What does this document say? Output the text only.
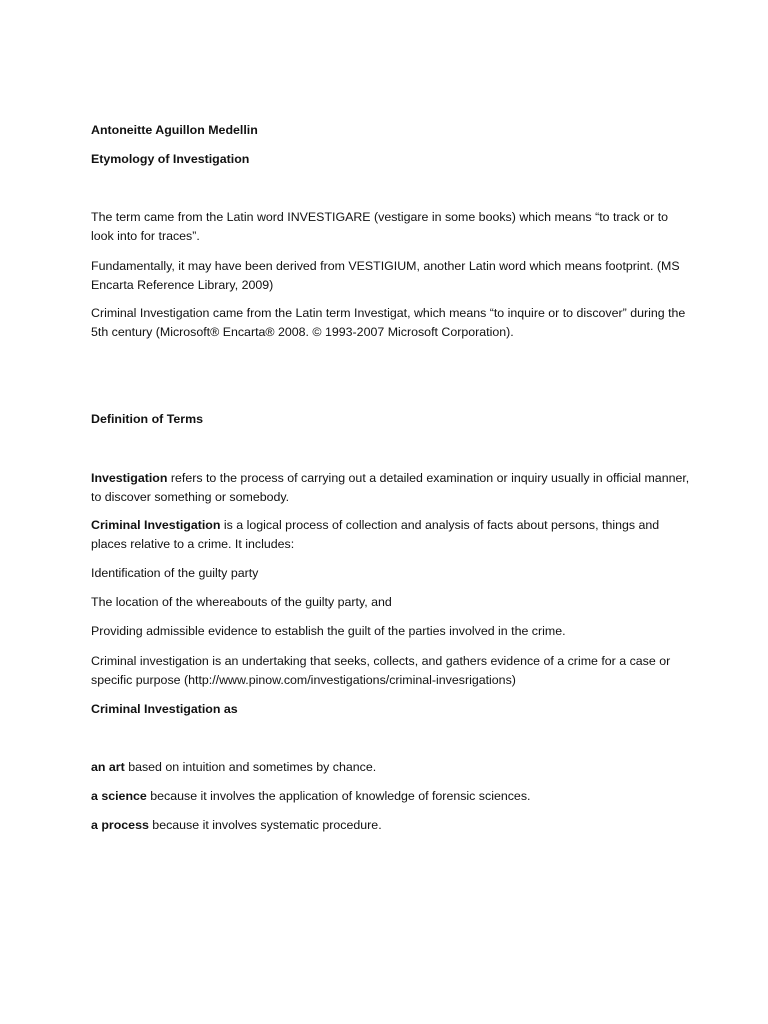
Antoneitte Aguillon Medellin

Etymology of Investigation

The term came from the Latin word INVESTIGARE (vestigare in some books) which means “to track or to look into for traces”.

Fundamentally, it may have been derived from VESTIGIUM, another Latin word which means footprint. (MS Encarta Reference Library, 2009)

Criminal Investigation came from the Latin term Investigat, which means “to inquire or to discover” during the 5th century (Microsoft® Encarta® 2008. © 1993-2007 Microsoft Corporation).

Definition of Terms

Investigation refers to the process of carrying out a detailed examination or inquiry usually in official manner, to discover something or somebody.

Criminal Investigation is a logical process of collection and analysis of facts about persons, things and places relative to a crime. It includes:

Identification of the guilty party

The location of the whereabouts of the guilty party, and

Providing admissible evidence to establish the guilt of the parties involved in the crime.

Criminal investigation is an undertaking that seeks, collects, and gathers evidence of a crime for a case or specific purpose (http://www.pinow.com/investigations/criminal-invesrigations)

Criminal Investigation as

an art based on intuition and sometimes by chance.

a science because it involves the application of knowledge of forensic sciences.

a process because it involves systematic procedure.
